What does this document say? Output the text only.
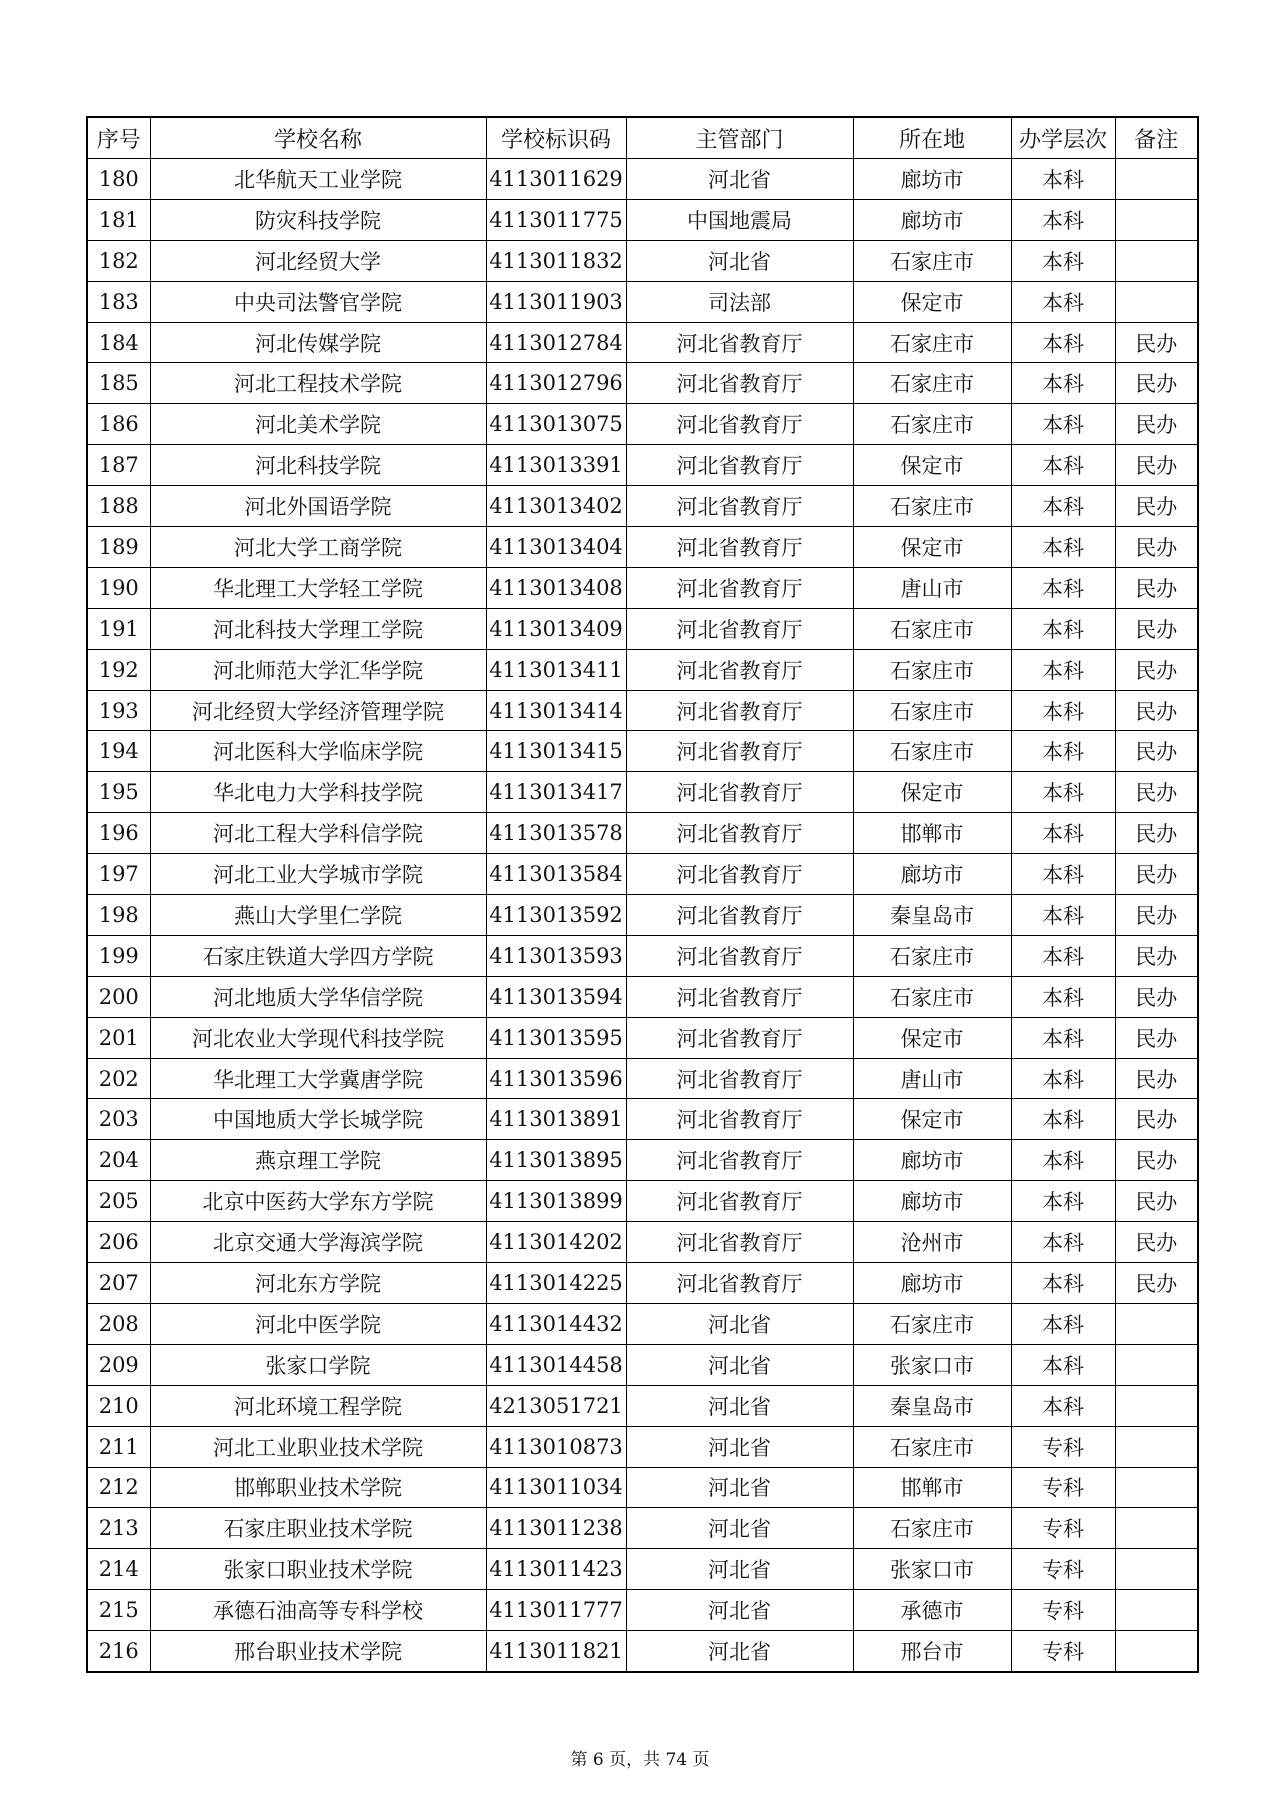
序号	学校名称	学校标识码	主管部门	所在地	办学层次	备注
180	北华航天工业学院	4113011629	河北省	廊坊市	本科	
181	防灾科技学院	4113011775	中国地震局	廊坊市	本科	
182	河北经贸大学	4113011832	河北省	石家庄市	本科	
183	中央司法警官学院	4113011903	司法部	保定市	本科	
184	河北传媒学院	4113012784	河北省教育厅	石家庄市	本科	民办
185	河北工程技术学院	4113012796	河北省教育厅	石家庄市	本科	民办
186	河北美术学院	4113013075	河北省教育厅	石家庄市	本科	民办
187	河北科技学院	4113013391	河北省教育厅	保定市	本科	民办
188	河北外国语学院	4113013402	河北省教育厅	石家庄市	本科	民办
189	河北大学工商学院	4113013404	河北省教育厅	保定市	本科	民办
190	华北理工大学轻工学院	4113013408	河北省教育厅	唐山市	本科	民办
191	河北科技大学理工学院	4113013409	河北省教育厅	石家庄市	本科	民办
192	河北师范大学汇华学院	4113013411	河北省教育厅	石家庄市	本科	民办
193	河北经贸大学经济管理学院	4113013414	河北省教育厅	石家庄市	本科	民办
194	河北医科大学临床学院	4113013415	河北省教育厅	石家庄市	本科	民办
195	华北电力大学科技学院	4113013417	河北省教育厅	保定市	本科	民办
196	河北工程大学科信学院	4113013578	河北省教育厅	邯郸市	本科	民办
197	河北工业大学城市学院	4113013584	河北省教育厅	廊坊市	本科	民办
198	燕山大学里仁学院	4113013592	河北省教育厅	秦皇岛市	本科	民办
199	石家庄铁道大学四方学院	4113013593	河北省教育厅	石家庄市	本科	民办
200	河北地质大学华信学院	4113013594	河北省教育厅	石家庄市	本科	民办
201	河北农业大学现代科技学院	4113013595	河北省教育厅	保定市	本科	民办
202	华北理工大学冀唐学院	4113013596	河北省教育厅	唐山市	本科	民办
203	中国地质大学长城学院	4113013891	河北省教育厅	保定市	本科	民办
204	燕京理工学院	4113013895	河北省教育厅	廊坊市	本科	民办
205	北京中医药大学东方学院	4113013899	河北省教育厅	廊坊市	本科	民办
206	北京交通大学海滨学院	4113014202	河北省教育厅	沧州市	本科	民办
207	河北东方学院	4113014225	河北省教育厅	廊坊市	本科	民办
208	河北中医学院	4113014432	河北省	石家庄市	本科	
209	张家口学院	4113014458	河北省	张家口市	本科	
210	河北环境工程学院	4213051721	河北省	秦皇岛市	本科	
211	河北工业职业技术学院	4113010873	河北省	石家庄市	专科	
212	邯郸职业技术学院	4113011034	河北省	邯郸市	专科	
213	石家庄职业技术学院	4113011238	河北省	石家庄市	专科	
214	张家口职业技术学院	4113011423	河北省	张家口市	专科	
215	承德石油高等专科学校	4113011777	河北省	承德市	专科	
216	邢台职业技术学院	4113011821	河北省	邢台市	专科	
第 6 页，共 74 页
